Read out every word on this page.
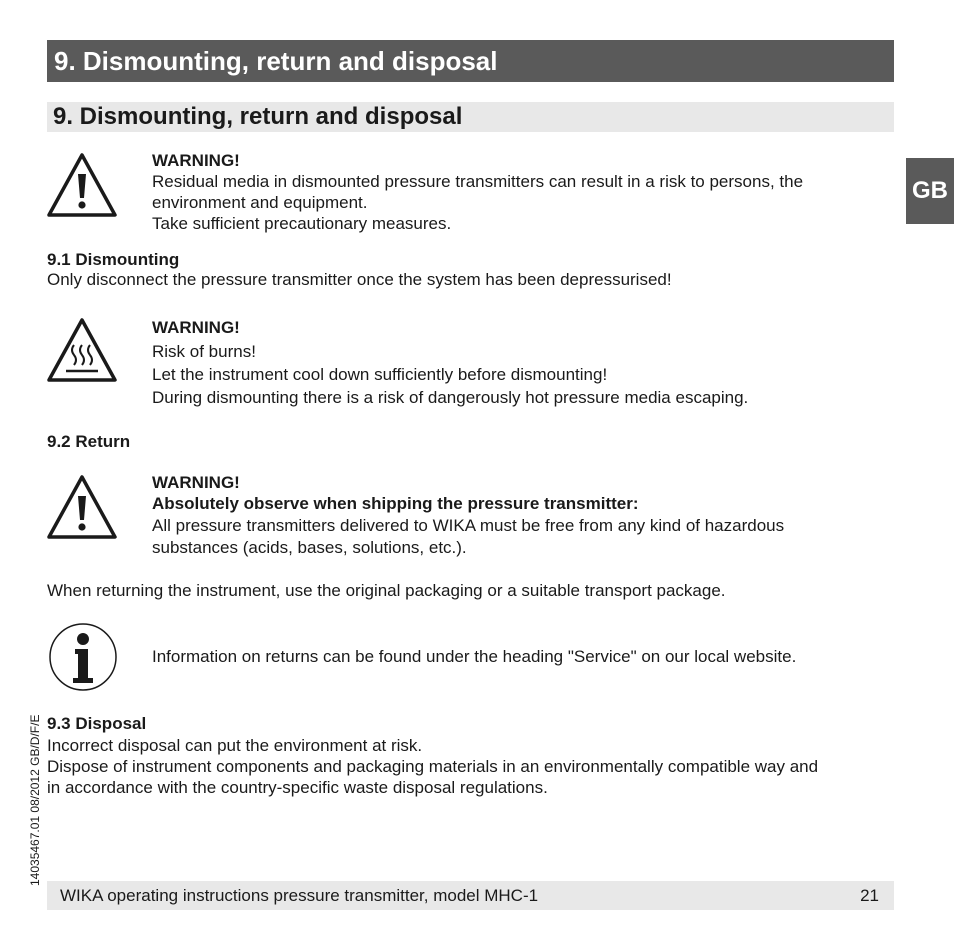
9. Dismounting, return and disposal
9. Dismounting, return and disposal
GB
WARNING!
Residual media in dismounted pressure transmitters can result in a risk to persons, the
environment and equipment.
Take sufficient precautionary measures.
9.1 Dismounting
Only disconnect the pressure transmitter once the system has been depressurised!
WARNING!
Risk of burns!
Let the instrument cool down sufficiently before dismounting!
During dismounting there is a risk of dangerously hot pressure media escaping.
9.2 Return
WARNING!
Absolutely observe when shipping the pressure transmitter:
All pressure transmitters delivered to WIKA must be free from any kind of hazardous
substances (acids, bases, solutions, etc.).
When returning the instrument, use the original packaging or a suitable transport package.
Information on returns can be found under the heading "Service" on our local website.
9.3 Disposal
Incorrect disposal can put the environment at risk.
Dispose of instrument components and packaging materials in an environmentally compatible way and
in accordance with the country-specific waste disposal regulations.
14035467.01 08/2012 GB/D/F/E
WIKA operating instructions pressure transmitter, model MHC-1	21
